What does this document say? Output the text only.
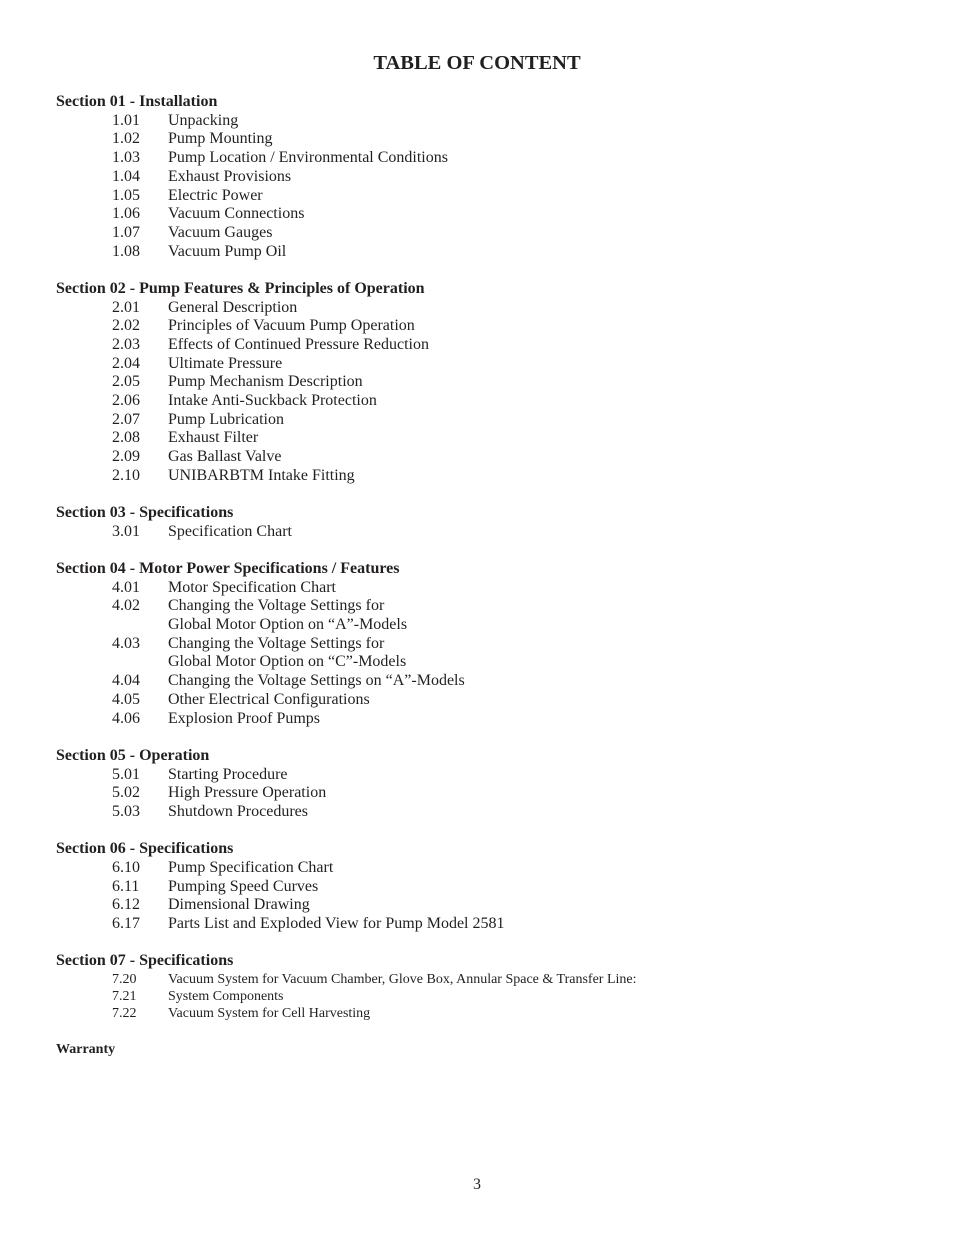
TABLE OF CONTENT
Section 01 - Installation
1.01	Unpacking
1.02	Pump Mounting
1.03	Pump Location / Environmental Conditions
1.04	Exhaust Provisions
1.05	Electric Power
1.06	Vacuum Connections
1.07	Vacuum Gauges
1.08	Vacuum Pump Oil
Section 02 - Pump Features & Principles of Operation
2.01	General Description
2.02	Principles of Vacuum Pump Operation
2.03	Effects of Continued Pressure Reduction
2.04	Ultimate Pressure
2.05	Pump Mechanism Description
2.06	Intake Anti-Suckback Protection
2.07	Pump Lubrication
2.08	Exhaust Filter
2.09	Gas Ballast Valve
2.10	UNIBARBTM Intake Fitting
Section 03 - Specifications
3.01	Specification Chart
Section 04 - Motor Power Specifications / Features
4.01	Motor Specification Chart
4.02	Changing the Voltage Settings for
Global Motor Option on “A”-Models
4.03	Changing the Voltage Settings for
Global Motor Option on “C”-Models
4.04	Changing the Voltage Settings on “A”-Models
4.05	Other Electrical Configurations
4.06	Explosion Proof Pumps
Section 05 - Operation
5.01	Starting Procedure
5.02	High Pressure Operation
5.03	Shutdown Procedures
Section 06 - Specifications
6.10	Pump Specification Chart
6.11	Pumping Speed Curves
6.12	Dimensional Drawing
6.17	Parts List and Exploded View for Pump Model 2581
Section 07 - Specifications
7.20	Vacuum System for Vacuum Chamber, Glove Box, Annular Space & Transfer Line:
7.21	System Components
7.22	Vacuum System for Cell Harvesting
Warranty
3
